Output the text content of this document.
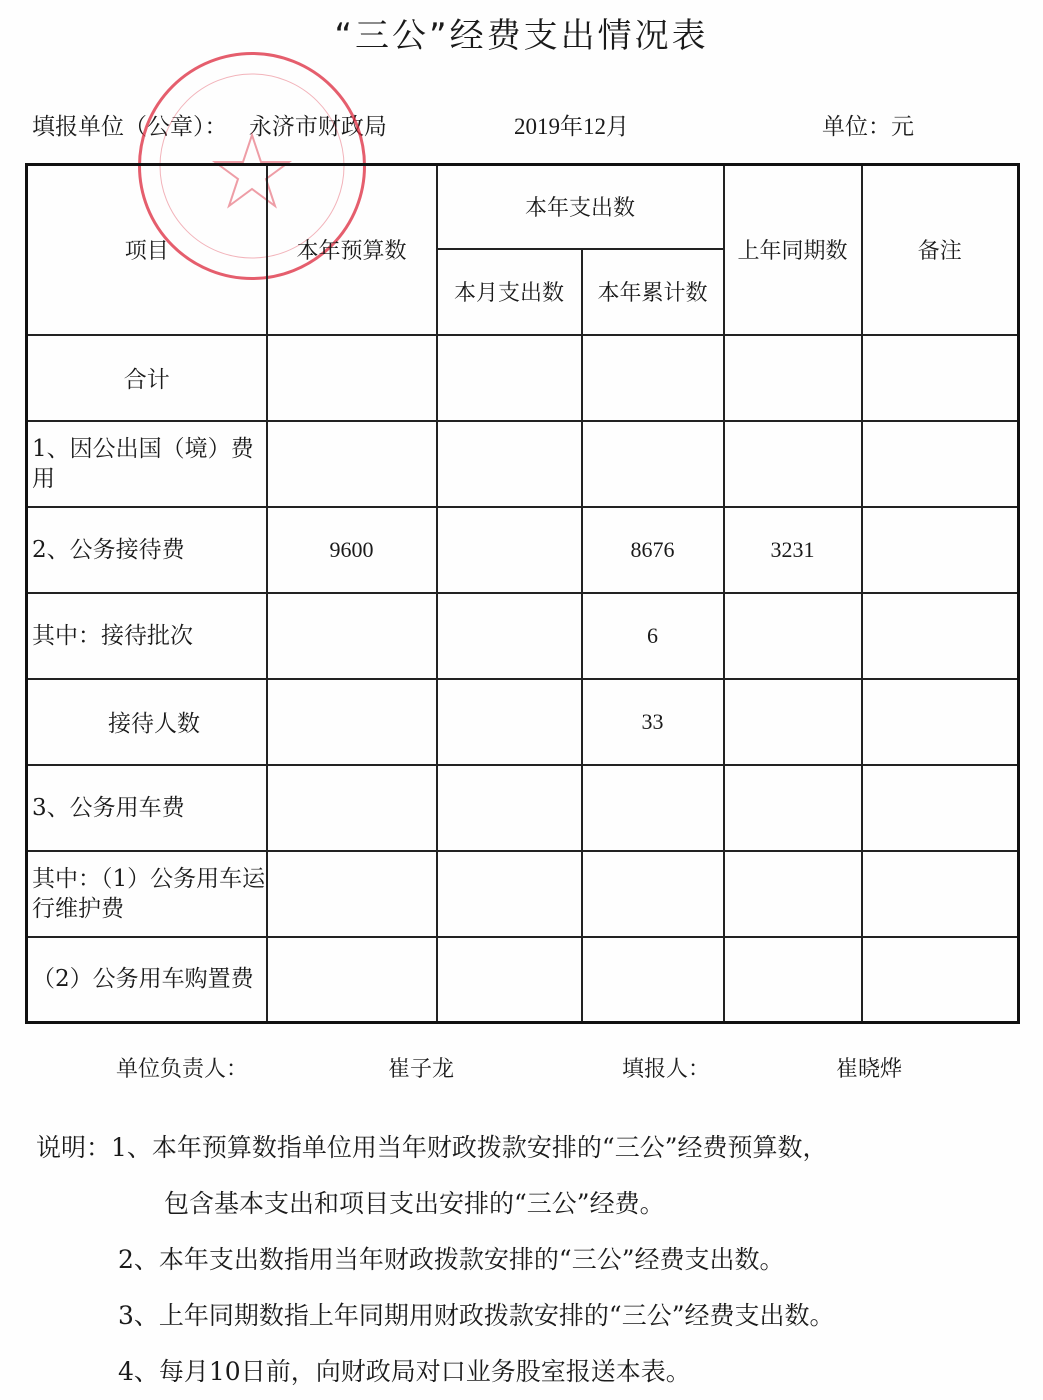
“三公”经费支出情况表
填报单位（公章）： 永济市财政局	2019年12月	单位：元
项目	本年预算数	本年支出数		上年同期数	备注
		本月支出数	本年累计数		
合计					
1、因公出国（境）费用					
2、公务接待费	9600		8676	3231	
其中：接待批次			6		
接待人数			33		
3、公务用车费					
其中：（1）公务用车运行维护费					
（2）公务用车购置费					
单位负责人：	崔子龙	填报人：	崔晓烨
说明：1、本年预算数指单位用当年财政拨款安排的“三公”经费预算数，
包含基本支出和项目支出安排的“三公”经费。
2、本年支出数指用当年财政拨款安排的“三公”经费支出数。
3、上年同期数指上年同期用财政拨款安排的“三公”经费支出数。
4、每月10日前，向财政局对口业务股室报送本表。
